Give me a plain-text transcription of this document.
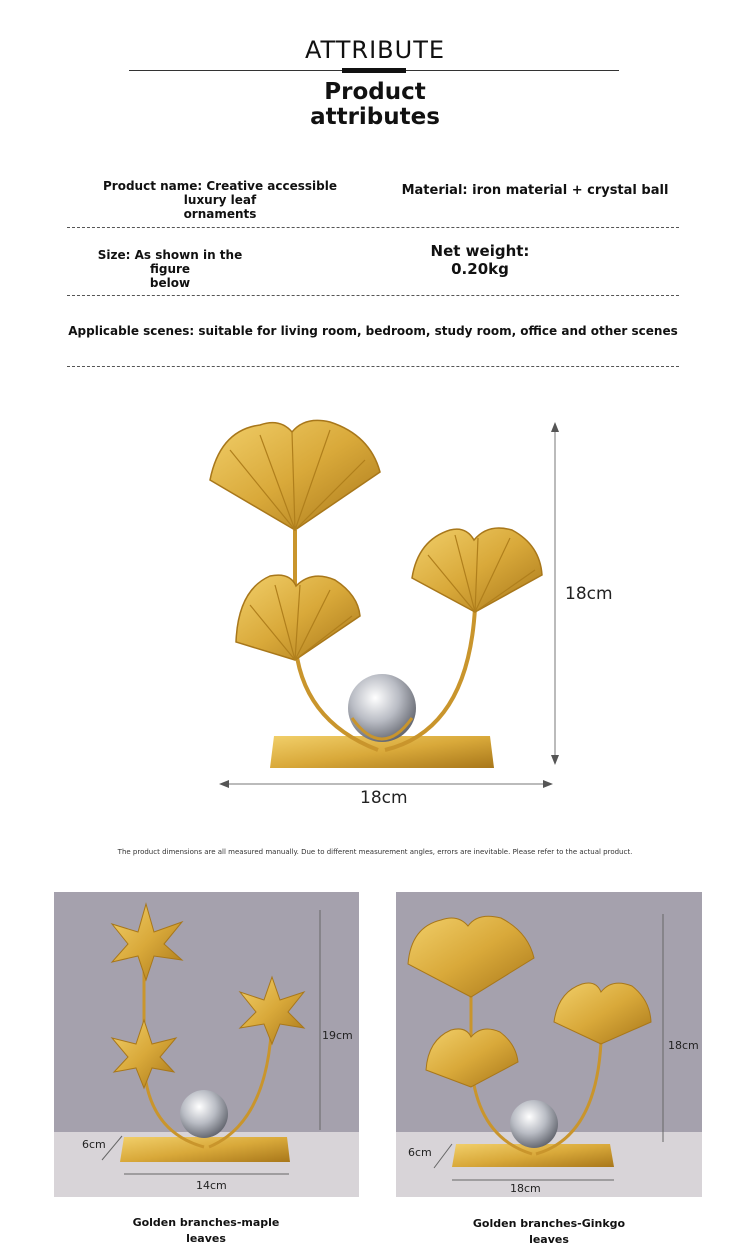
ATTRIBUTE
Product
attributes
Product name: Creative accessible luxury leaf
ornaments
Material: iron material + crystal ball
Size: As shown in the figure
below
Net weight:
0.20kg
Applicable scenes: suitable for living room, bedroom, study room, office and other scenes
18cm
18cm
The product dimensions are all measured manually. Due to different measurement angles, errors are inevitable. Please refer to the actual product.
19cm
14cm
6cm
18cm
18cm
6cm
Golden branches-maple
leaves
Golden branches-Ginkgo
leaves
